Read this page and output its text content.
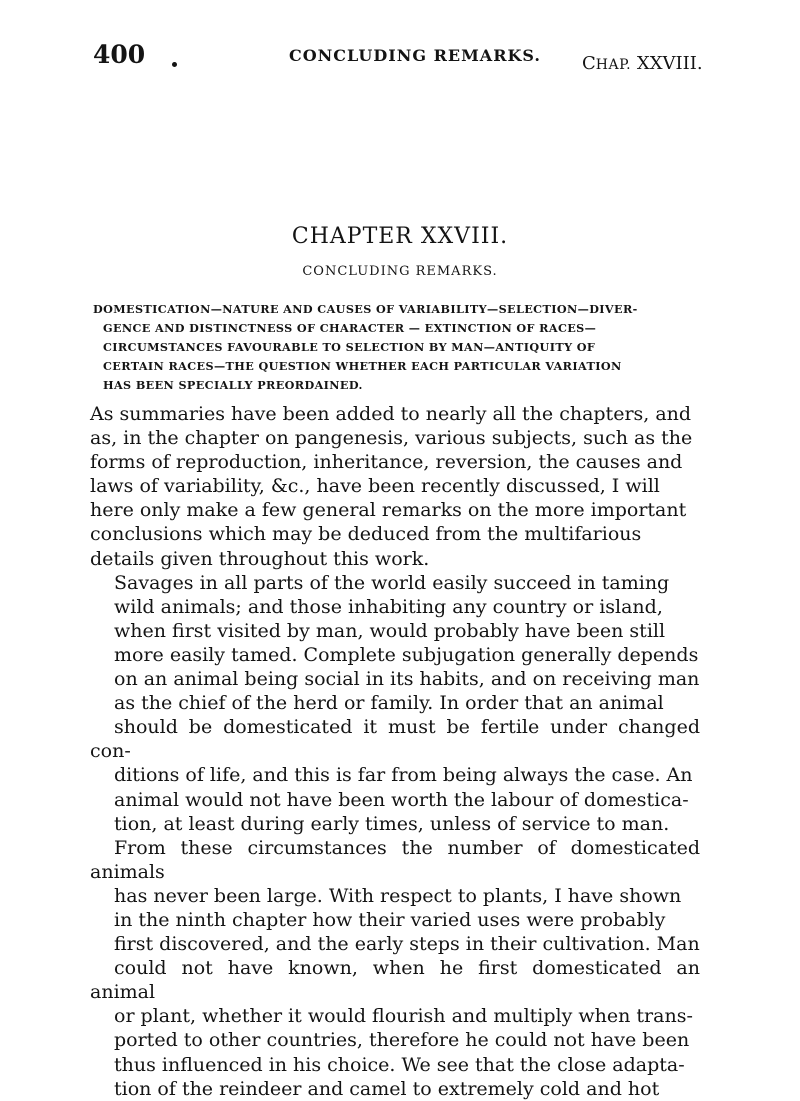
400	CONCLUDING REMARKS. CHAP. XXVIII.
CHAPTER XXVIII.
CONCLUDING REMARKS.
DOMESTICATION—NATURE AND CAUSES OF VARIABILITY—SELECTION—DIVER-
GENCE AND DISTINCTNESS OF CHARACTER — EXTINCTION OF RACES—
CIRCUMSTANCES FAVOURABLE TO SELECTION BY MAN—ANTIQUITY OF
CERTAIN RACES—THE QUESTION WHETHER EACH PARTICULAR VARIATION
HAS BEEN SPECIALLY PREORDAINED.

As summaries have been added to nearly all the chapters, and
as, in the chapter on pangenesis, various subjects, such as the
forms of reproduction, inheritance, reversion, the causes and
laws of variability, &c., have been recently discussed, I will
here only make a few general remarks on the more important
conclusions which may be deduced from the multifarious
details given throughout this work.

Savages in all parts of the world easily succeed in taming
wild animals; and those inhabiting any country or island,
when first visited by man, would probably have been still
more easily tamed. Complete subjugation generally depends
on an animal being social in its habits, and on receiving man
as the chief of the herd or family. In order that an animal
should be domesticated it must be fertile under changed con-
ditions of life, and this is far from being always the case. An
animal would not have been worth the labour of domestica-
tion, at least during early times, unless of service to man.
From these circumstances the number of domesticated animals
has never been large. With respect to plants, I have shown
in the ninth chapter how their varied uses were probably
first discovered, and the early steps in their cultivation. Man
could not have known, when he first domesticated an animal
or plant, whether it would flourish and multiply when trans-
ported to other countries, therefore he could not have been
thus influenced in his choice. We see that the close adapta-
tion of the reindeer and camel to extremely cold and hot
